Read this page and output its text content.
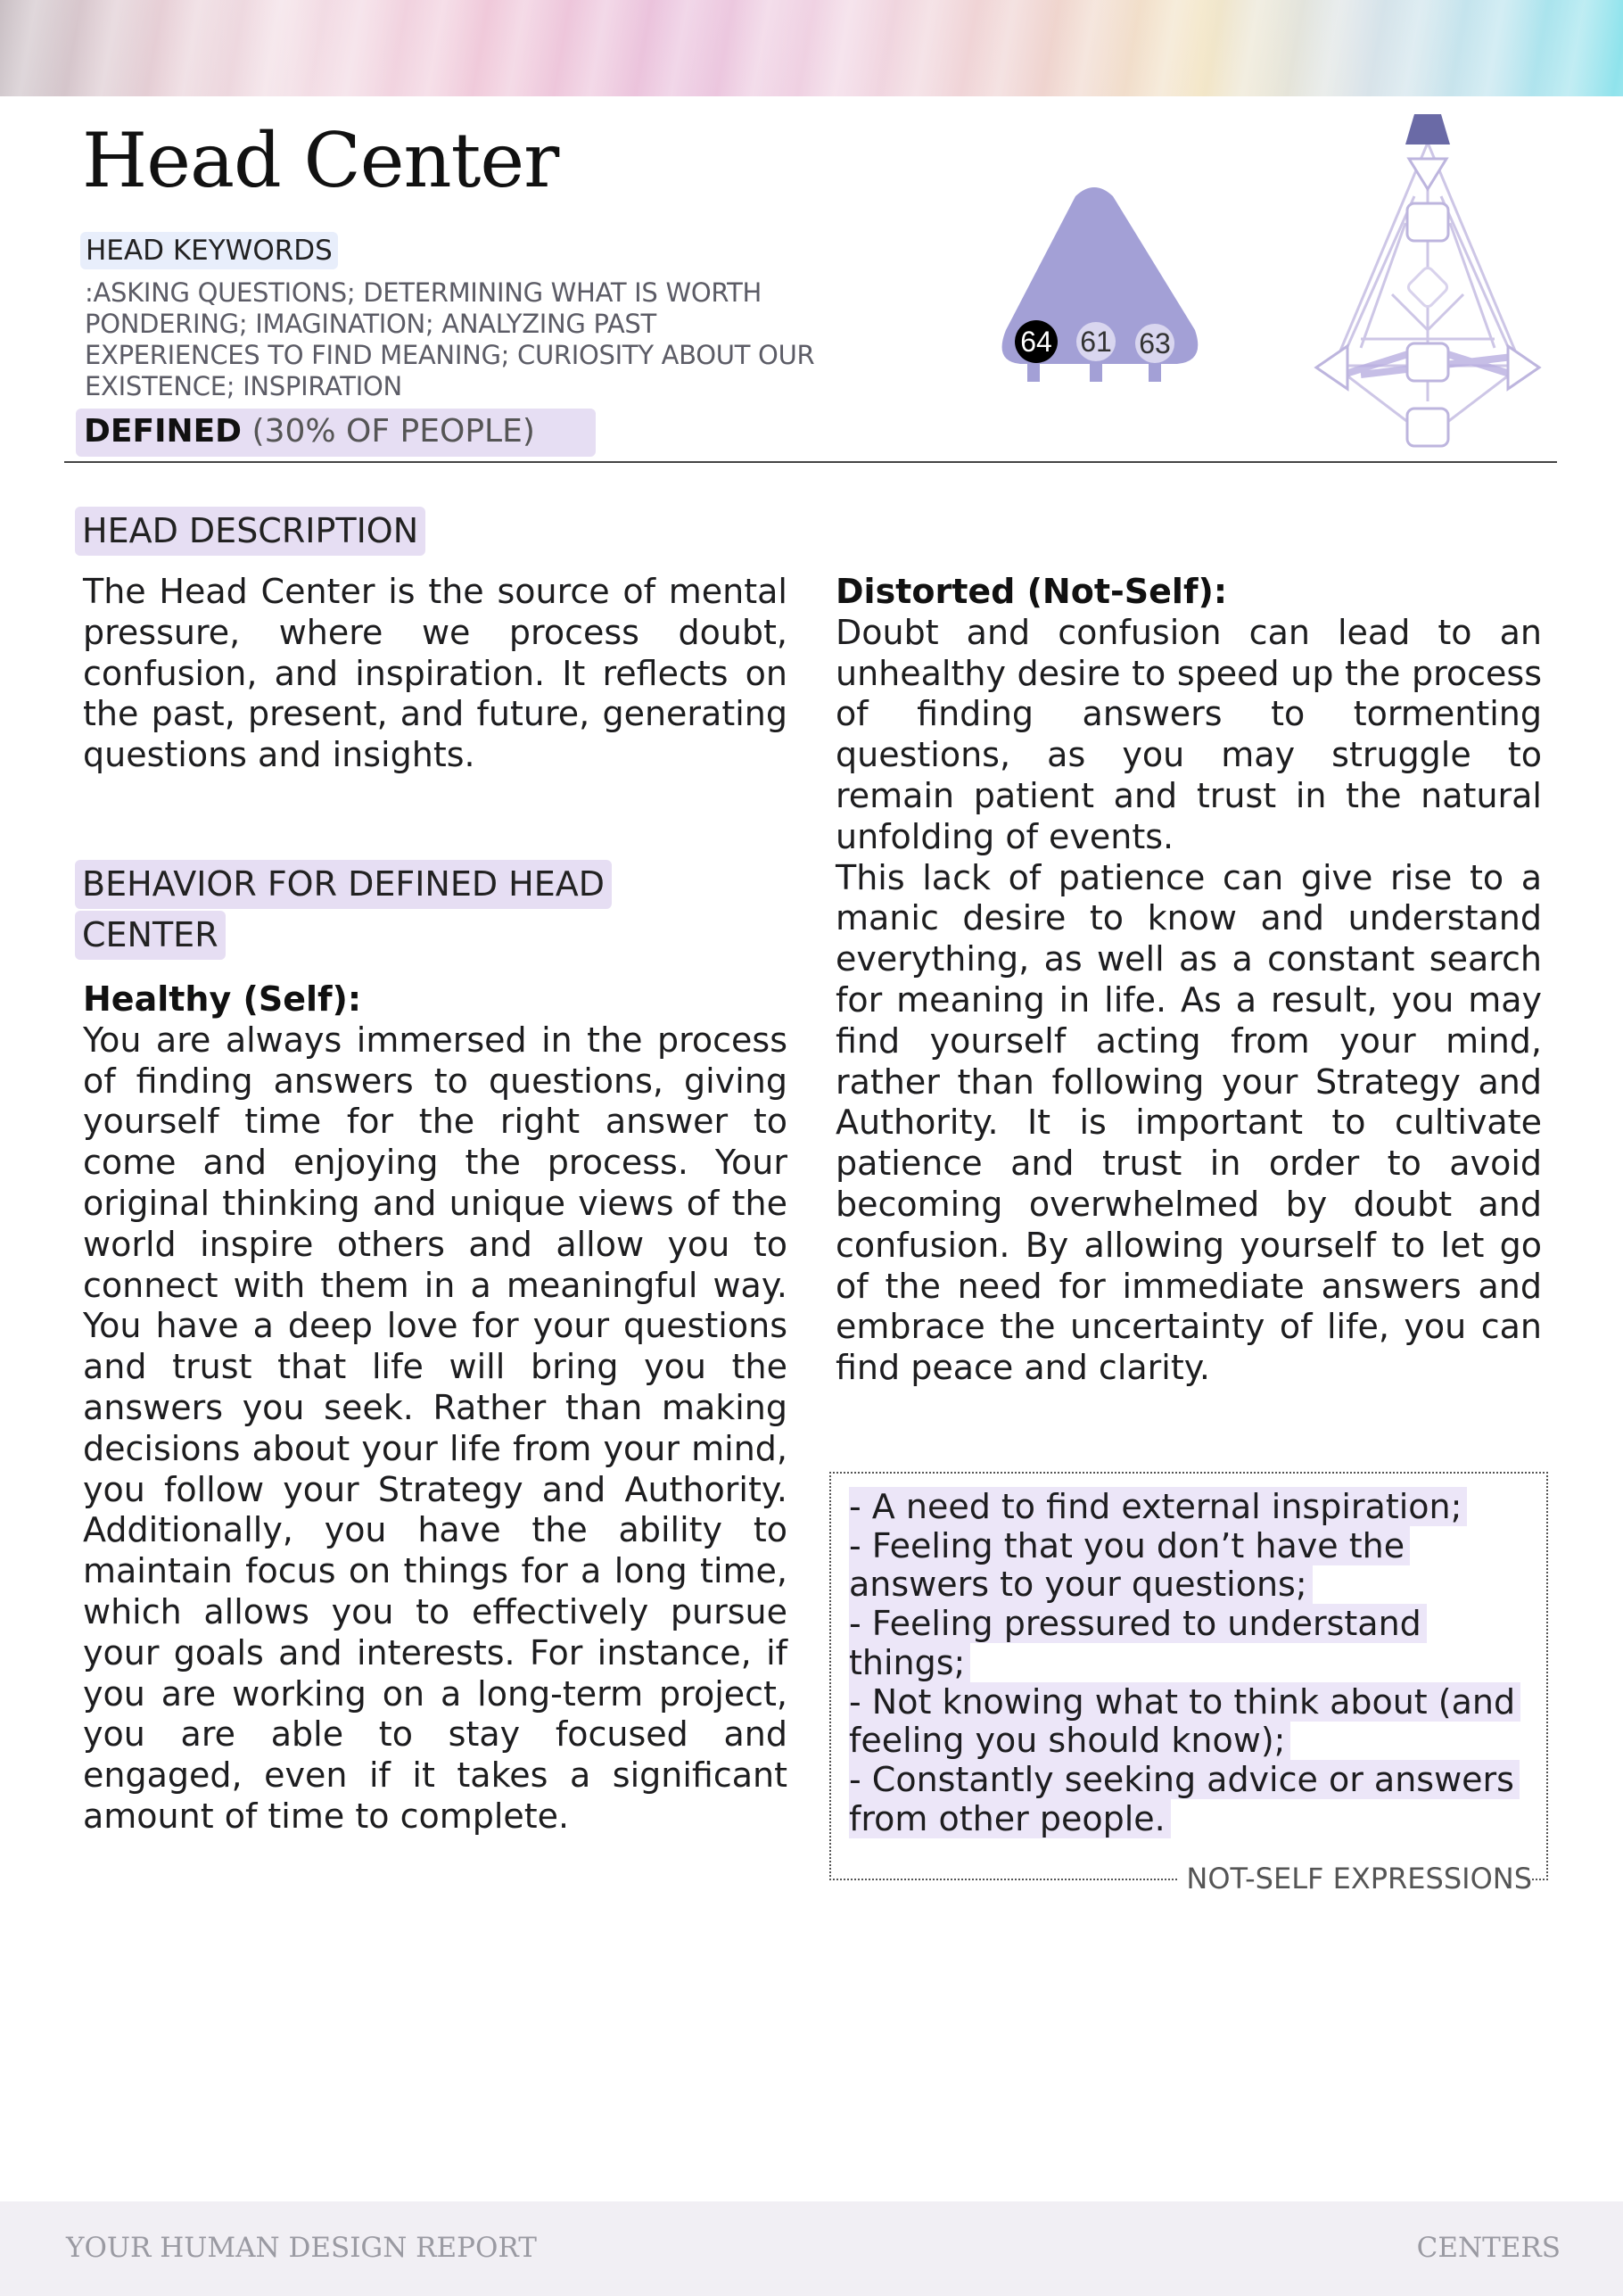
Head Center
HEAD KEYWORDS
:ASKING QUESTIONS; DETERMINING WHAT IS WORTH PONDERING; IMAGINATION; ANALYZING PAST EXPERIENCES TO FIND MEANING; CURIOSITY ABOUT OUR EXISTENCE; INSPIRATION
DEFINED (30% OF PEOPLE)
64 61 63
HEAD DESCRIPTION

The Head Center is the source of mental pressure, where we process doubt, confusion, and inspiration. It reflects on the past, present, and future, generating questions and insights.

BEHAVIOR FOR DEFINED HEAD
CENTER

Healthy (Self):

You are always immersed in the process of finding answers to questions, giving yourself time for the right answer to come and enjoying the process. Your original thinking and unique views of the world inspire others and allow you to connect with them in a meaningful way. You have a deep love for your questions and trust that life will bring you the answers you seek. Rather than making decisions about your life from your mind, you follow your Strategy and Authority. Additionally, you have the ability to maintain focus on things for a long time, which allows you to effectively pursue your goals and interests. For instance, if you are working on a long-term project, you are able to stay focused and engaged, even if it takes a significant amount of time to complete.

Distorted (Not-Self):

Doubt and confusion can lead to an unhealthy desire to speed up the process of finding answers to tormenting questions, as you may struggle to remain patient and trust in the natural unfolding of events.

This lack of patience can give rise to a manic desire to know and understand everything, as well as a constant search for meaning in life. As a result, you may find yourself acting from your mind, rather than following your Strategy and Authority. It is important to cultivate patience and trust in order to avoid becoming overwhelmed by doubt and confusion. By allowing yourself to let go of the need for immediate answers and embrace the uncertainty of life, you can find peace and clarity.

- A need to find external inspiration;
- Feeling that you don’t have the answers to your questions;
- Feeling pressured to understand things;
- Not knowing what to think about (and feeling you should know);
- Constantly seeking advice or answers from other people.
NOT-SELF EXPRESSIONS
YOUR HUMAN DESIGN REPORT	CENTERS
